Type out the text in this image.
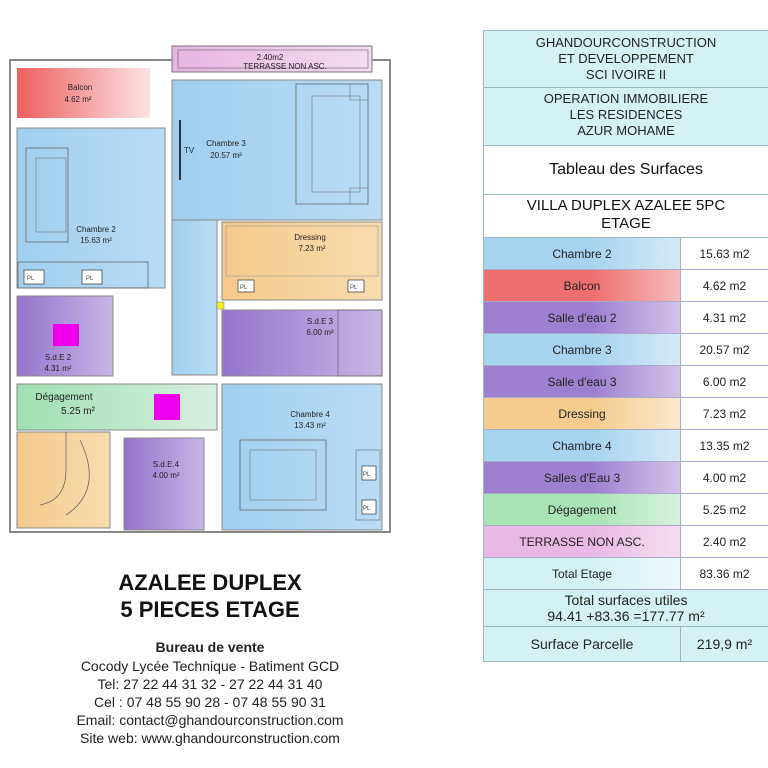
2.40m2
TERRASSE NON ASC.
Balcon
4.62 m²
TV
Chambre 3
20.57 m²
Chambre 2
15.63 m²
PL	PL
Dressing
7.23 m²
PL	PL
S.d.E 3
6.00 m²
S.d.E 2
4.31 m²
Dégagement
5.25 m²
S.d.E.4
4.00 m²
Chambre 4
13.43 m²
PL
PL
AZALEE DUPLEX
5 PIECES ETAGE
Bureau de vente
Cocody Lycée Technique - Batiment GCD
Tel: 27 22 44 31 32 - 27 22 44 31 40
Cel : 07 48 55 90 28 - 07 48 55 90 31
Email: contact@ghandourconstruction.com
Site web: www.ghandourconstruction.com
GHANDOURCONSTRUCTION
ET DEVELOPPEMENT
SCI IVOIRE II
OPERATION IMMOBILIERE
LES RESIDENCES
AZUR MOHAME
Tableau des Surfaces
VILLA DUPLEX AZALEE 5PC
ETAGE
Chambre 2	15.63 m2
Balcon	4.62 m2
Salle d'eau 2	4.31 m2
Chambre 3	20.57 m2
Salle d'eau 3	6.00 m2
Dressing	7.23 m2
Chambre 4	13.35 m2
Salles d'Eau 3	4.00 m2
Dégagement	5.25 m2
TERRASSE NON ASC.	2.40 m2
Total Etage	83.36 m2
Total surfaces utiles
94.41 +83.36 =177.77 m²
Surface Parcelle	219,9 m²
